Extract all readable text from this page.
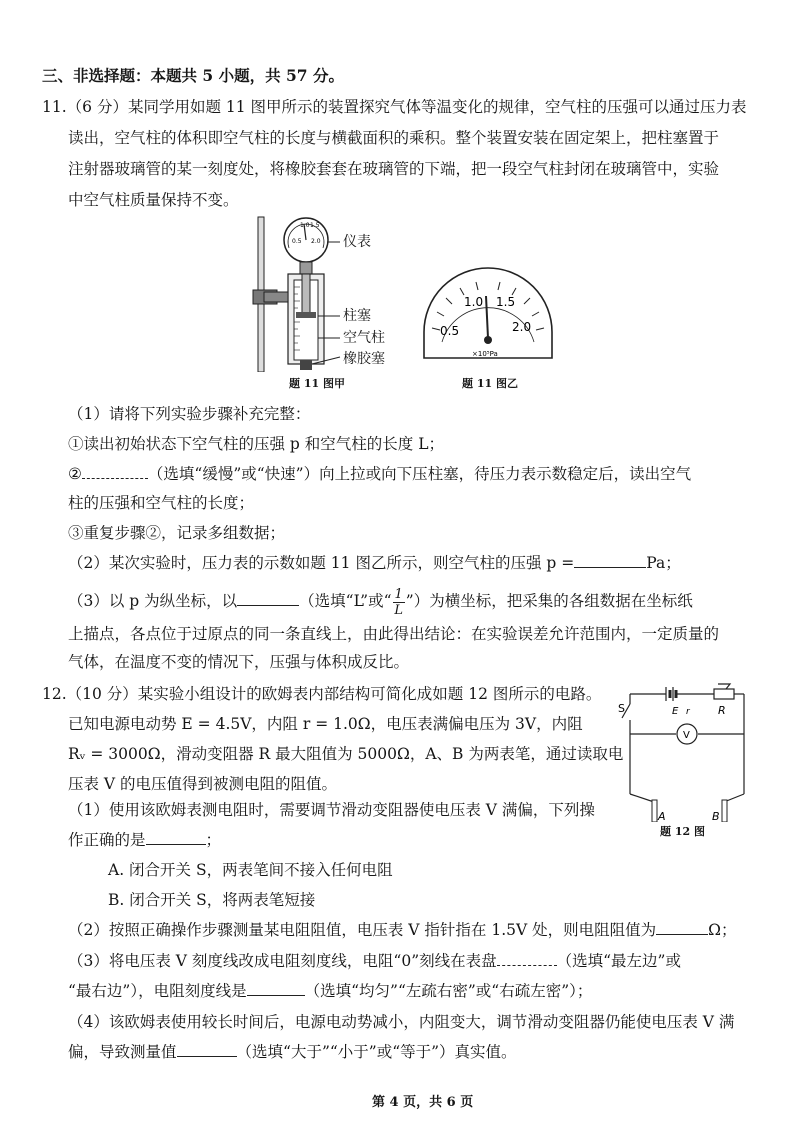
三、非选择题：本题共 5 小题，共 57 分。
11.（6 分）某同学用如题 11 图甲所示的装置探究气体等温变化的规律，空气柱的压强可以通过压力表
读出，空气柱的体积即空气柱的长度与横截面积的乘积。整个装置安装在固定架上，把柱塞置于
注射器玻璃管的某一刻度处，将橡胶套套在玻璃管的下端，把一段空气柱封闭在玻璃管中，实验
中空气柱质量保持不变。
0.5
1.0 1.5
2.0 仪表
柱塞
空气柱
橡胶塞
题 11 图甲
0.5
1.0 1.5
2.0
×10⁵Pa
题 11 图乙
（1）请将下列实验步骤补充完整：
①读出初始状态下空气柱的压强 p 和空气柱的长度 L；
②	（选填“缓慢”或“快速”）向上拉或向下压柱塞，待压力表示数稳定后，读出空气
柱的压强和空气柱的长度；
③重复步骤②，记录多组数据；
（2）某次实验时，压力表的示数如题 11 图乙所示，则空气柱的压强 p =	Pa；
（3）以 p 为纵坐标，以	（选填“L”或“ $\frac{1}{L}$ ”）为横坐标，把采集的各组数据在坐标纸
上描点，各点位于过原点的同一条直线上，由此得出结论：在实验误差允许范围内，一定质量的
气体，在温度不变的情况下，压强与体积成反比。
12.（10 分）某实验小组设计的欧姆表内部结构可简化成如题 12 图所示的电路。
已知电源电动势 E = 4.5V，内阻 r = 1.0Ω，电压表满偏电压为 3V，内阻
Rᵥ = 3000Ω，滑动变阻器 R 最大阻值为 5000Ω，A、B 为两表笔，通过读取电
压表 V 的电压值得到被测电阻的阻值。
V
S	E r	R
A	B
题 12 图
（1）使用该欧姆表测电阻时，需要调节滑动变阻器使电压表 V 满偏，下列操
作正确的是	；
A. 闭合开关 S，两表笔间不接入任何电阻
B. 闭合开关 S，将两表笔短接
（2）按照正确操作步骤测量某电阻阻值，电压表 V 指针指在 1.5V 处，则电阻阻值为	Ω；
（3）将电压表 V 刻度线改成电阻刻度线，电阻“0”刻线在表盘	（选填“最左边”或
“最右边”），电阻刻度线是	（选填“均匀”“左疏右密”或“右疏左密”）；
（4）该欧姆表使用较长时间后，电源电动势减小，内阻变大，调节滑动变阻器仍能使电压表 V 满
偏，导致测量值	（选填“大于”“小于”或“等于”）真实值。
第 4 页，共 6 页
